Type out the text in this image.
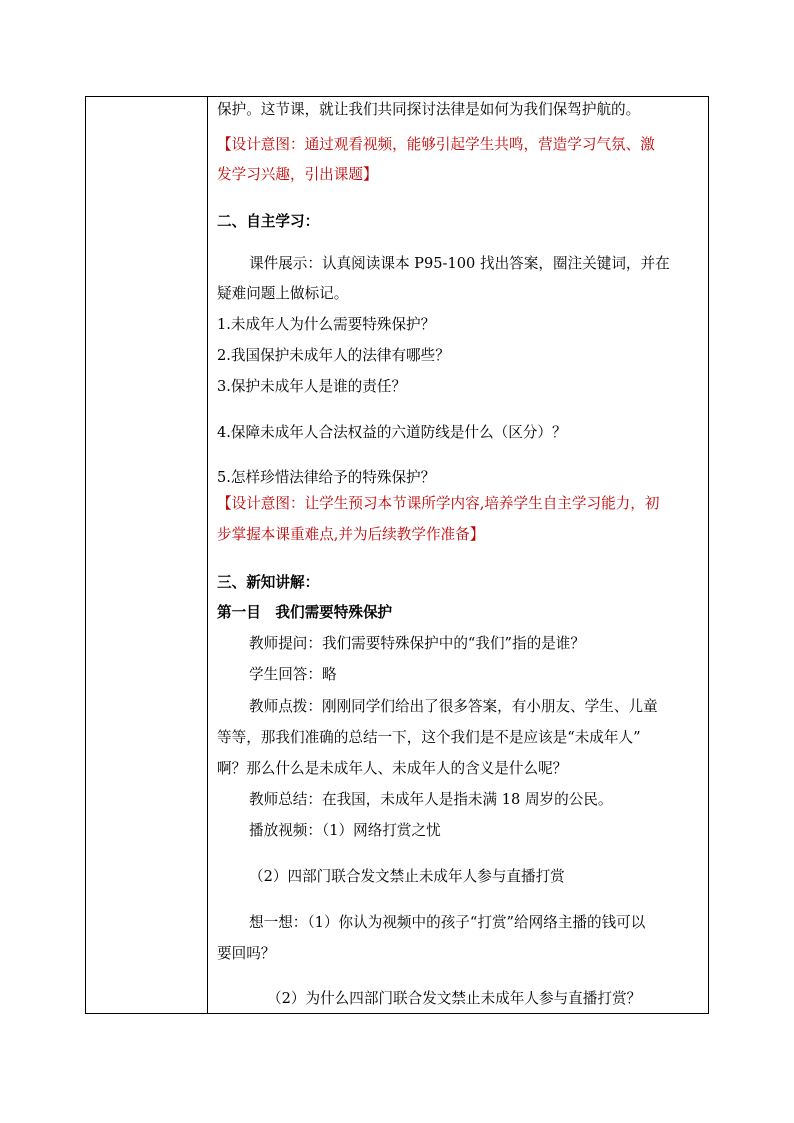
保护。这节课，就让我们共同探讨法律是如何为我们保驾护航的。
【设计意图：通过观看视频，能够引起学生共鸣，营造学习气氛、激
发学习兴趣，引出课题】
二、自主学习：
课件展示：认真阅读课本 P95-100 找出答案，圈注关键词，并在
疑难问题上做标记。
1.未成年人为什么需要特殊保护？
2.我国保护未成年人的法律有哪些？
3.保护未成年人是谁的责任？
4.保障未成年人合法权益的六道防线是什么（区分）？
5.怎样珍惜法律给予的特殊保护？
【设计意图：让学生预习本节课所学内容,培养学生自主学习能力，初
步掌握本课重难点,并为后续教学作准备】
三、新知讲解：
第一目　我们需要特殊保护
教师提问：我们需要特殊保护中的“我们”指的是谁？
学生回答：略
教师点拨：刚刚同学们给出了很多答案，有小朋友、学生、儿童
等等，那我们准确的总结一下，这个我们是不是应该是“未成年人”
啊？那么什么是未成年人、未成年人的含义是什么呢？
教师总结：在我国，未成年人是指未满 18 周岁的公民。
播放视频：（1）网络打赏之忧
（2）四部门联合发文禁止未成年人参与直播打赏
想一想：（1）你认为视频中的孩子“打赏”给网络主播的钱可以
要回吗？
（2）为什么四部门联合发文禁止未成年人参与直播打赏？
